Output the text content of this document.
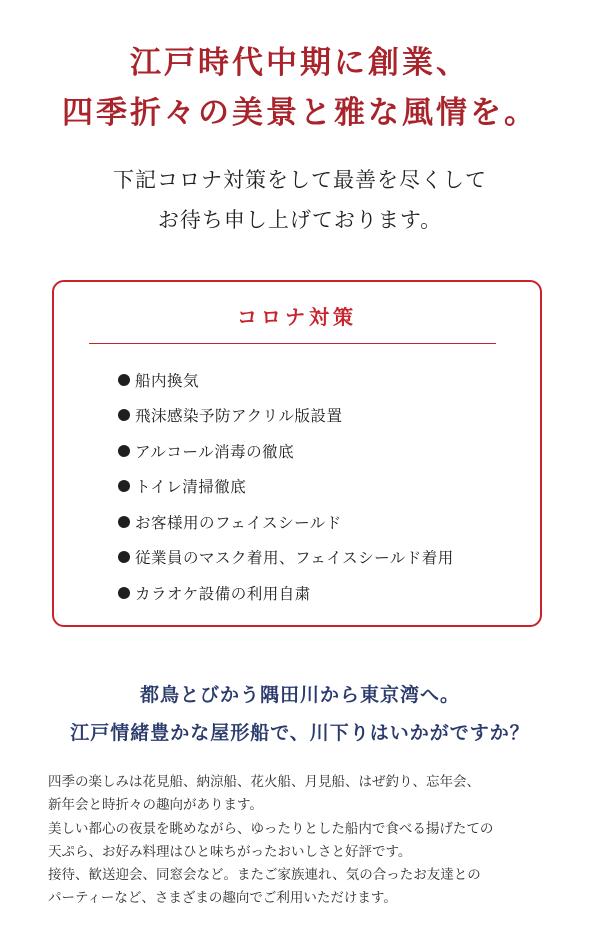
江戸時代中期に創業、
四季折々の美景と雅な風情を。
下記コロナ対策をして最善を尽くして
お待ち申し上げております。
コロナ対策
船内換気
飛沫感染予防アクリル版設置
アルコール消毒の徹底
トイレ清掃徹底
お客様用のフェイスシールド
従業員のマスク着用、フェイスシールド着用
カラオケ設備の利用自粛
都鳥とびかう隅田川から東京湾へ。
江戸情緒豊かな屋形船で、川下りはいかがですか？
四季の楽しみは花見船、納涼船、花火船、月見船、はぜ釣り、忘年会、
新年会と時折々の趣向があります。
美しい都心の夜景を眺めながら、ゆったりとした船内で食べる揚げたての
天ぷら、お好み料理はひと味ちがったおいしさと好評です。
接待、歓送迎会、同窓会など。またご家族連れ、気の合ったお友達との
パーティーなど、さまざまの趣向でご利用いただけます。
